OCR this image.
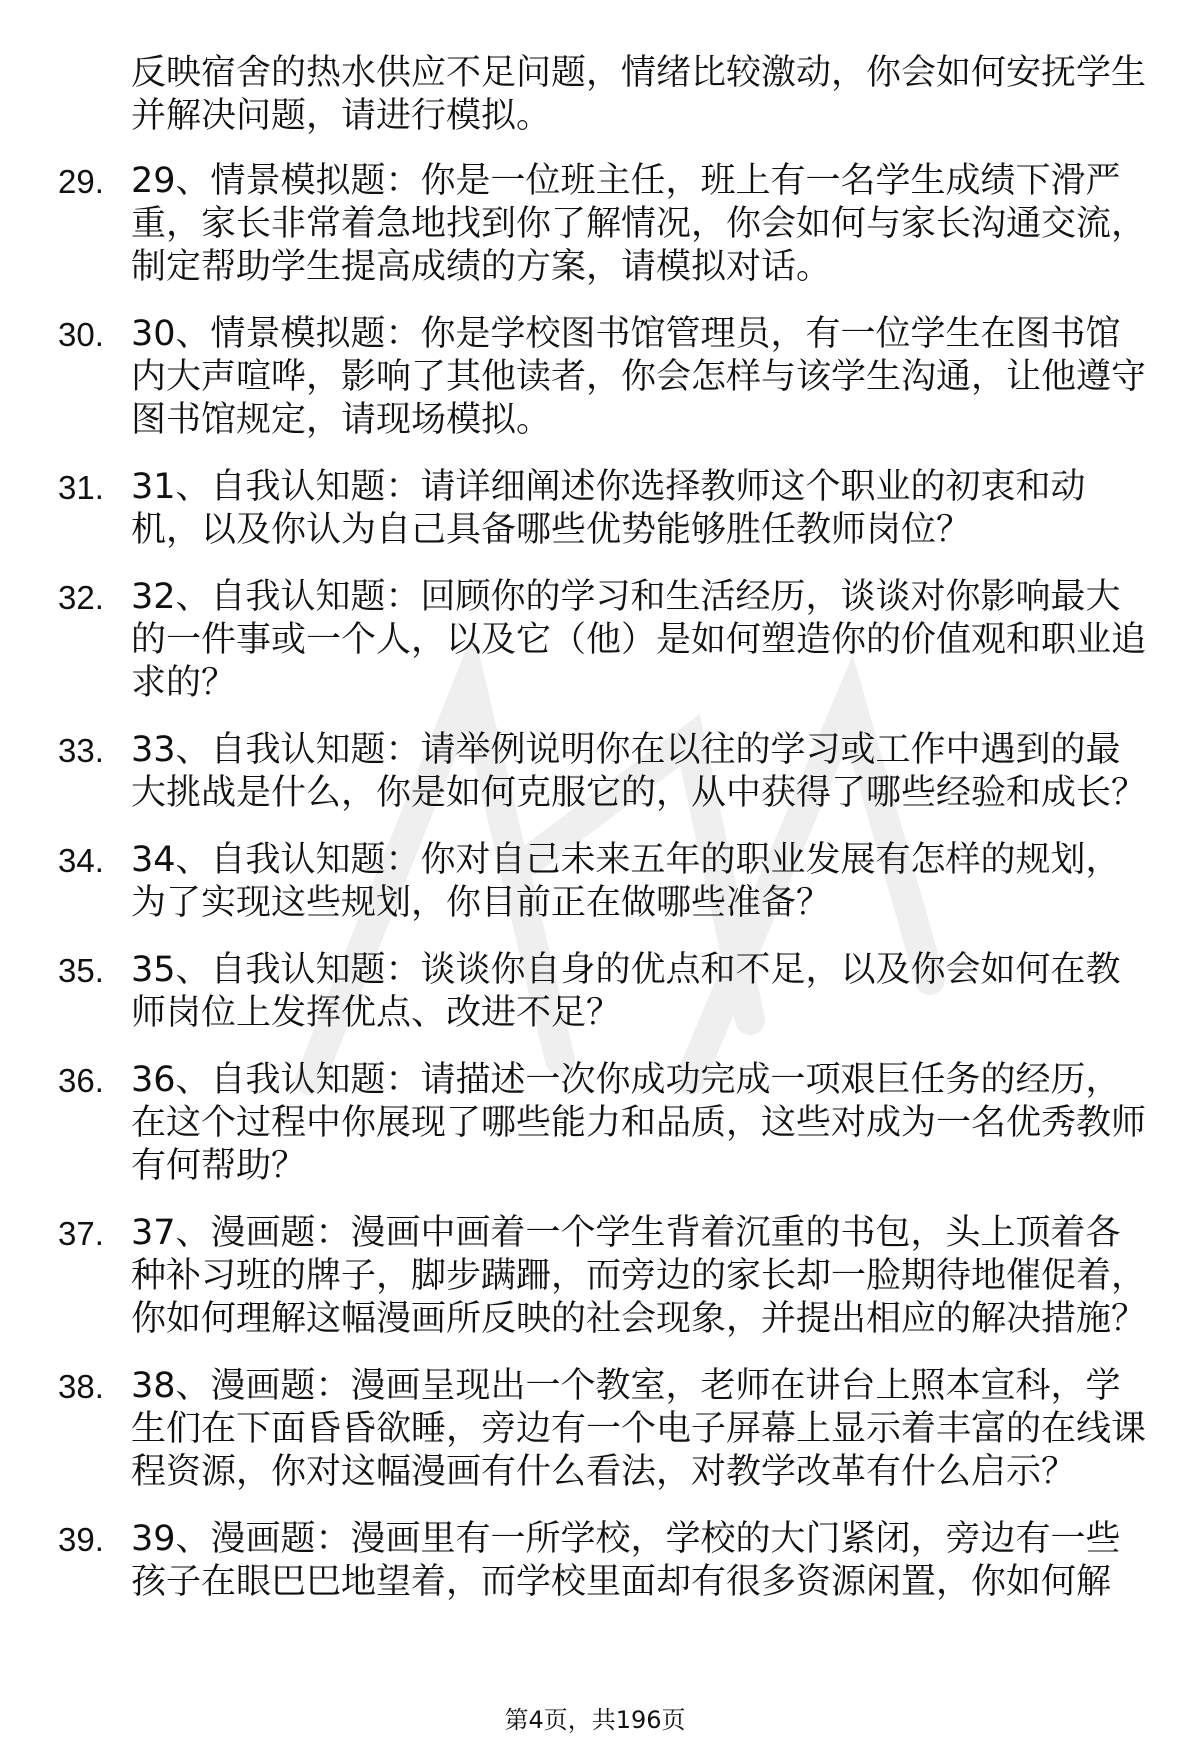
反映宿舍的热水供应不足问题，情绪比较激动，你会如何安抚学生并解决问题，请进行模拟。

29. 29、情景模拟题：你是一位班主任，班上有一名学生成绩下滑严重，家长非常着急地找到你了解情况，你会如何与家长沟通交流，制定帮助学生提高成绩的方案，请模拟对话。
30. 30、情景模拟题：你是学校图书馆管理员，有一位学生在图书馆内大声喧哗，影响了其他读者，你会怎样与该学生沟通，让他遵守图书馆规定，请现场模拟。
31. 31、自我认知题：请详细阐述你选择教师这个职业的初衷和动机，以及你认为自己具备哪些优势能够胜任教师岗位？
32. 32、自我认知题：回顾你的学习和生活经历，谈谈对你影响最大的一件事或一个人，以及它（他）是如何塑造你的价值观和职业追求的？
33. 33、自我认知题：请举例说明你在以往的学习或工作中遇到的最大挑战是什么，你是如何克服它的，从中获得了哪些经验和成长？
34. 34、自我认知题：你对自己未来五年的职业发展有怎样的规划，为了实现这些规划，你目前正在做哪些准备？
35. 35、自我认知题：谈谈你自身的优点和不足，以及你会如何在教师岗位上发挥优点、改进不足？
36. 36、自我认知题：请描述一次你成功完成一项艰巨任务的经历，在这个过程中你展现了哪些能力和品质，这些对成为一名优秀教师有何帮助？
37. 37、漫画题：漫画中画着一个学生背着沉重的书包，头上顶着各种补习班的牌子，脚步蹒跚，而旁边的家长却一脸期待地催促着，你如何理解这幅漫画所反映的社会现象，并提出相应的解决措施？
38. 38、漫画题：漫画呈现出一个教室，老师在讲台上照本宣科，学生们在下面昏昏欲睡，旁边有一个电子屏幕上显示着丰富的在线课程资源，你对这幅漫画有什么看法，对教学改革有什么启示？
39. 39、漫画题：漫画里有一所学校，学校的大门紧闭，旁边有一些孩子在眼巴巴地望着，而学校里面却有很多资源闲置，你如何解
第4页，共196页
